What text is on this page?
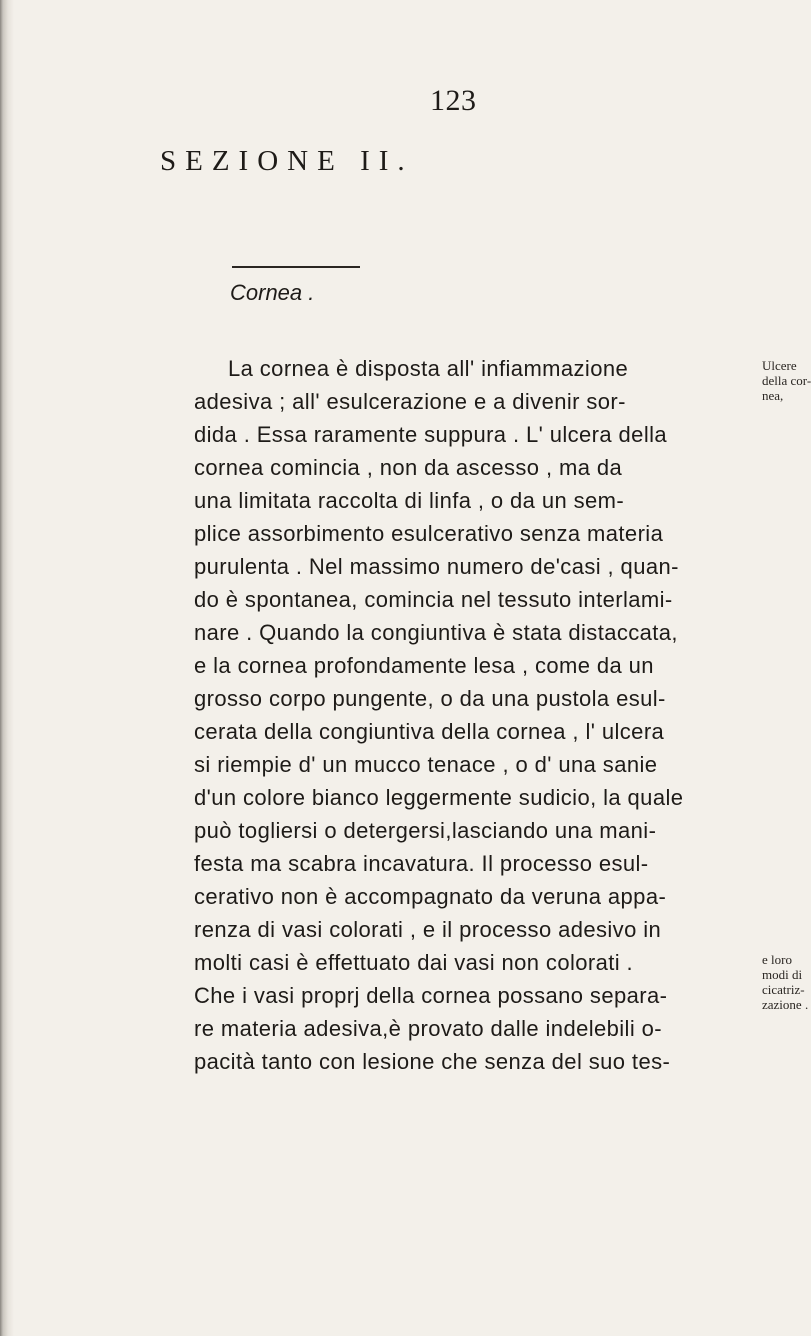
123
SEZIONE II.
Cornea .
La cornea è disposta all' infiammazione
adesiva ; all' esulcerazione e a divenir sor-
dida . Essa raramente suppura . L' ulcera della
cornea comincia , non da ascesso , ma da
una limitata raccolta di linfa , o da un sem-
plice assorbimento esulcerativo senza materia
purulenta . Nel massimo numero de'casi , quan-
do è spontanea, comincia nel tessuto interlami-
nare . Quando la congiuntiva è stata distaccata,
e la cornea profondamente lesa , come da un
grosso corpo pungente, o da una pustola esul-
cerata della congiuntiva della cornea , l' ulcera
si riempie d' un mucco tenace , o d' una sanie
d'un colore bianco leggermente sudicio, la quale
può togliersi o detergersi,lasciando una mani-
festa ma scabra incavatura. Il processo esul-
cerativo non è accompagnato da veruna appa-
renza di vasi colorati , e il processo adesivo in
molti casi è effettuato dai vasi non colorati .
Che i vasi proprj della cornea possano separa-
re materia adesiva,è provato dalle indelebili o-
pacità tanto con lesione che senza del suo tes-
Ulcere
della cor-
nea,
e loro
modi di
cicatriz-
zazione .
